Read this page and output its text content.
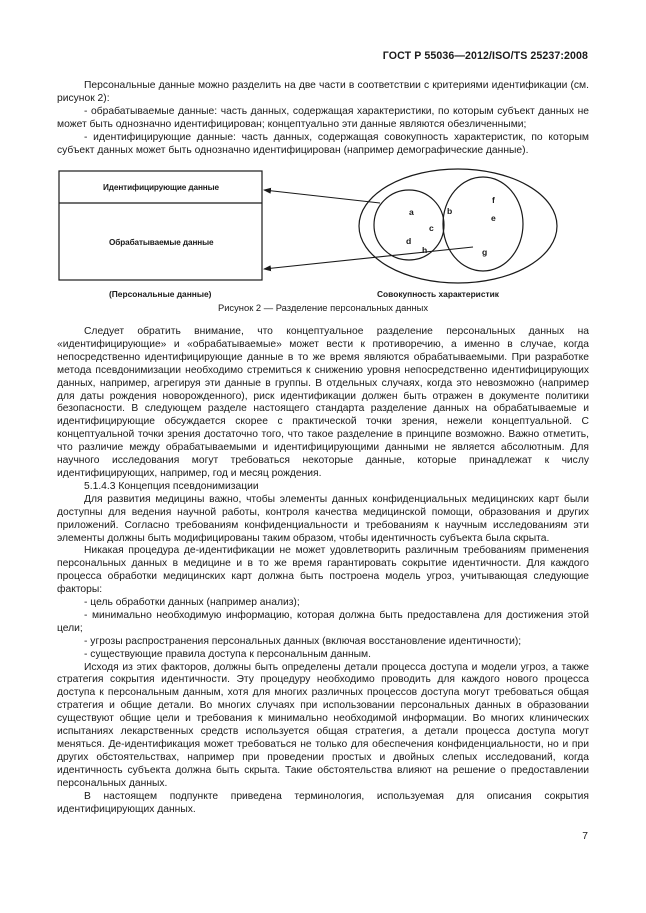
ГОСТ Р 55036—2012/ISO/TS 25237:2008

Персональные данные можно разделить на две части в соответствии с критериями идентификации (см. рисунок 2):

- обрабатываемые данные: часть данных, содержащая характеристики, по которым субъект данных не может быть однозначно идентифицирован; концептуально эти данные являются обезличенными;

- идентифицирующие данные: часть данных, содержащая совокупность характеристик, по которым субъект данных может быть однозначно идентифицирован (например демографические данные).

Идентифицирующие данные
Обрабатываемые данные
a	b
c
d
e
f
g
h
(Персональные данные)	Совокупность характеристик
Рисунок 2 — Разделение персональных данных

Следует обратить внимание, что концептуальное разделение персональных данных на «идентифицирующие» и «обрабатываемые» может вести к противоречию, а именно в случае, когда непосредственно идентифицирующие данные в то же время являются обрабатываемыми. При разработке метода псевдонимизации необходимо стремиться к снижению уровня непосредственно идентифицирующих данных, например, агрегируя эти данные в группы. В отдельных случаях, когда это невозможно (например для даты рождения новорожденного), риск идентификации должен быть отражен в документе политики безопасности. В следующем разделе настоящего стандарта разделение данных на обрабатываемые и идентифицирующие обсуждается скорее с практической точки зрения, нежели концептуальной. С концептуальной точки зрения достаточно того, что такое разделение в принципе возможно. Важно отметить, что различие между обрабатываемыми и идентифицирующими данными не является абсолютным. Для научного исследования могут требоваться некоторые данные, которые принадлежат к числу идентифицирующих, например, год и месяц рождения.

5.1.4.3 Концепция псевдонимизации

Для развития медицины важно, чтобы элементы данных конфиденциальных медицинских карт были доступны для ведения научной работы, контроля качества медицинской помощи, образования и других приложений. Согласно требованиям конфиденциальности и требованиям к научным исследованиям эти элементы должны быть модифицированы таким образом, чтобы идентичность субъекта была скрыта.

Никакая процедура де-идентификации не может удовлетворить различным требованиям применения персональных данных в медицине и в то же время гарантировать сокрытие идентичности. Для каждого процесса обработки медицинских карт должна быть построена модель угроз, учитывающая следующие факторы:

- цель обработки данных (например анализ);

- минимально необходимую информацию, которая должна быть предоставлена для достижения этой цели;

- угрозы распространения персональных данных (включая восстановление идентичности);

- существующие правила доступа к персональным данным.

Исходя из этих факторов, должны быть определены детали процесса доступа и модели угроз, а также стратегия сокрытия идентичности. Эту процедуру необходимо проводить для каждого нового процесса доступа к персональным данным, хотя для многих различных процессов доступа могут требоваться общая стратегия и общие детали. Во многих случаях при использовании персональных данных в образовании существуют общие цели и требования к минимально необходимой информации. Во многих клинических испытаниях лекарственных средств используется общая стратегия, а детали процесса доступа могут меняться. Де-идентификация может требоваться не только для обеспечения конфиденциальности, но и при других обстоятельствах, например при проведении простых и двойных слепых исследований, когда идентичность субъекта должна быть скрыта. Такие обстоятельства влияют на решение о предоставлении персональных данных.

В настоящем подпункте приведена терминология, используемая для описания сокрытия идентифицирующих данных.

7
